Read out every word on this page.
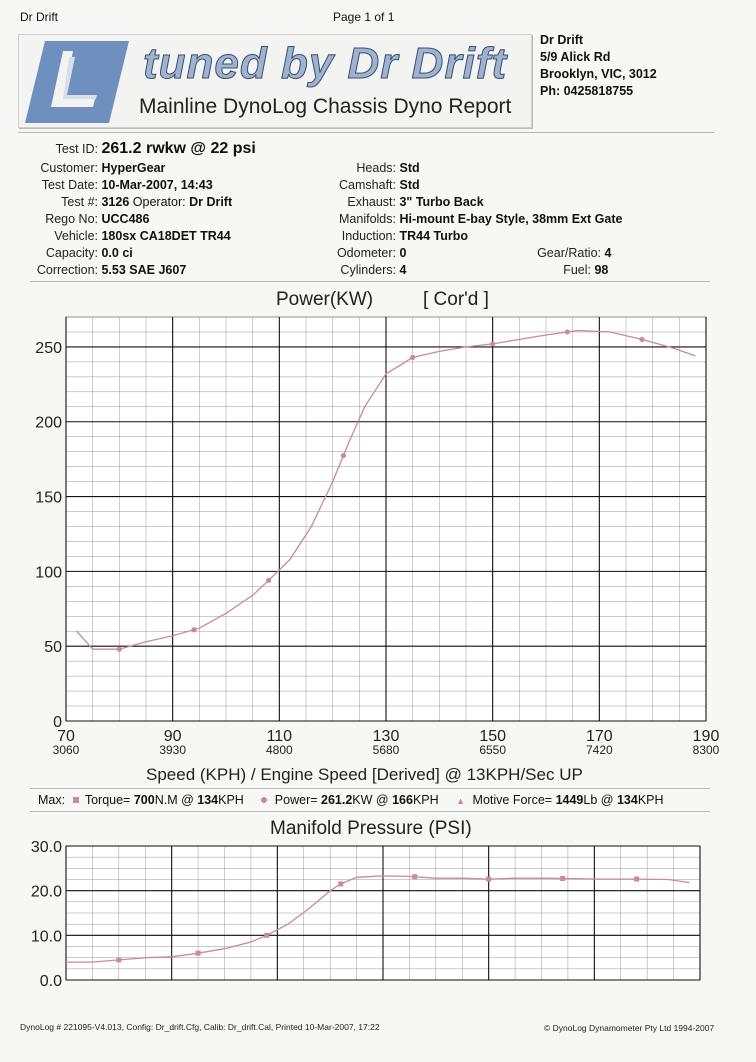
Dr Drift	Page 1 of 1
tuned by Dr Drift
Mainline DynoLog Chassis Dyno Report
Dr Drift
5/9 Alick Rd
Brooklyn, VIC, 3012
Ph: 0425818755
Test ID: 261.2 rwkw @ 22 psi
Customer: HyperGear
Test Date: 10-Mar-2007, 14:43
Test #: 3126 Operator: Dr Drift
Rego No: UCC486
Vehicle: 180sx CA18DET TR44
Capacity: 0.0 ci
Correction: 5.53 SAE J607
Heads: Std
Camshaft: Std
Exhaust: 3" Turbo Back
Manifolds: Hi-mount E-bay Style, 38mm Ext Gate
Induction: TR44 Turbo
Odometer: 0
Cylinders: 4
Gear/Ratio: 4
Fuel: 98
Power(KW)	[ Cor'd ]
0
50
100
150
200
250
70
3060
90
3930
110
4800
130
5680
150
6550
170
7420
190
8300
0.0
10.0
20.0
30.0
Speed (KPH) / Engine Speed [Derived] @ 13KPH/Sec UP
Max: Torque= 700N.M @ 134KPH Power= 261.2KW @ 166KPH ▲ Motive Force= 1449Lb @ 134KPH
Manifold Pressure (PSI)
DynoLog # 221095-V4.013, Config: Dr_drift.Cfg, Calib: Dr_drift.Cal, Printed 10-Mar-2007, 17:22	© DynoLog Dynamometer Pty Ltd 1994-2007
